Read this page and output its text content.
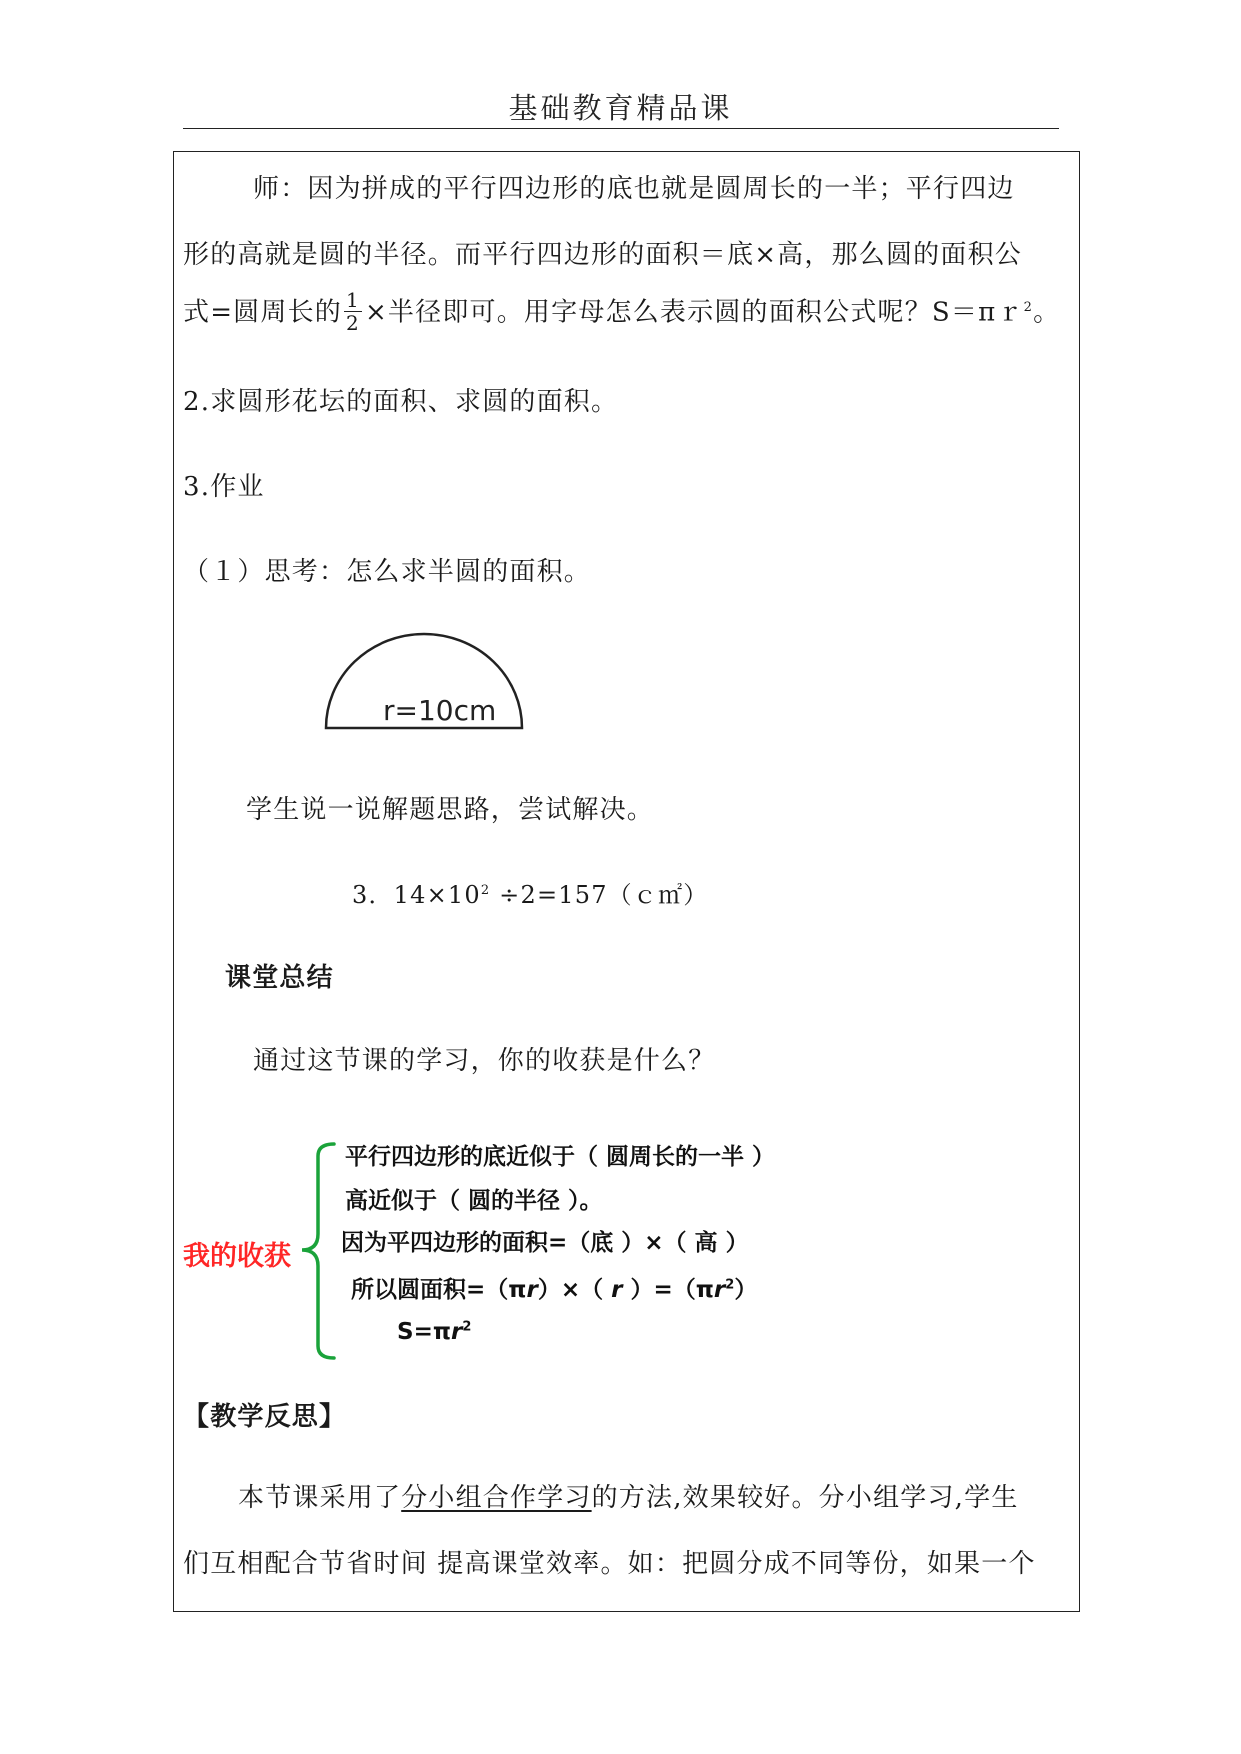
基础教育精品课
师：因为拼成的平行四边形的底也就是圆周长的一半；平行四边
形的高就是圆的半径。而平行四边形的面积＝底×高，那么圆的面积公
式=圆周长的 $\frac{1}{2}$ ×半径即可。用字母怎么表示圆的面积公式呢？S＝πｒ$^2$。
2.求圆形花坛的面积、求圆的面积。
3.作业
（１）思考：怎么求半圆的面积。
r=10cm
学生说一说解题思路，尝试解决。
3．$14\times 10^2$ ÷2=157（ｃ㎡）
课堂总结
通过这节课的学习，你的收获是什么？
我的收获
平行四边形的底近似于（ 圆周长的一半 ）
高近似于（ 圆的半径 ）。
因为平四边形的面积=（底 ）×（ 高 ）
所以圆面积=（πr）×（ r ）$=(\pi r^2)$
$S=\pi r^2$
【教学反思】
本节课采用了分小组合作学习的方法,效果较好。分小组学习,学生
们互相配合节省时间 提高课堂效率。如：把圆分成不同等份，如果一个
